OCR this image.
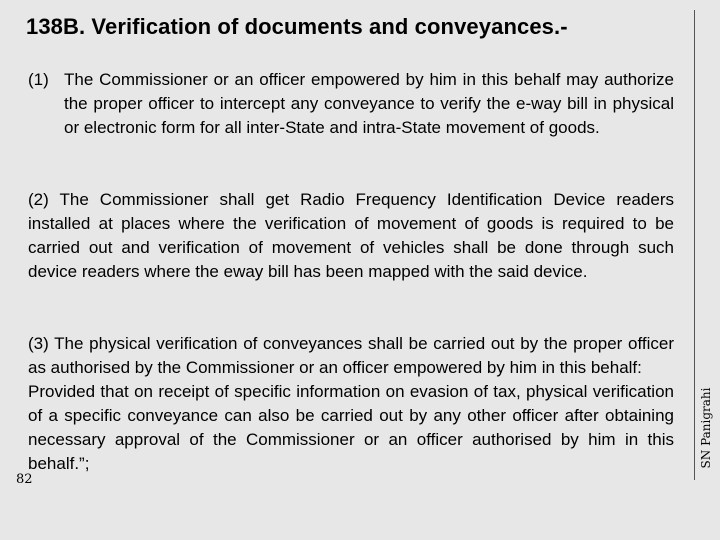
138B. Verification of documents and conveyances.-
(1) The Commissioner or an officer empowered by him in this behalf may authorize the proper officer to intercept any conveyance to verify the e-way bill in physical or electronic form for all inter-State and intra-State movement of goods.

(2) The Commissioner shall get Radio Frequency Identification Device readers installed at places where the verification of movement of goods is required to be carried out and verification of movement of vehicles shall be done through such device readers where the eway bill has been mapped with the said device.

(3) The physical verification of conveyances shall be carried out by the proper officer as authorised by the Commissioner or an officer empowered by him in this behalf:

Provided that on receipt of specific information on evasion of tax, physical verification of a specific conveyance can also be carried out by any other officer after obtaining necessary approval of the Commissioner or an officer authorised by him in this behalf.”;	SN Panigrahi
82
